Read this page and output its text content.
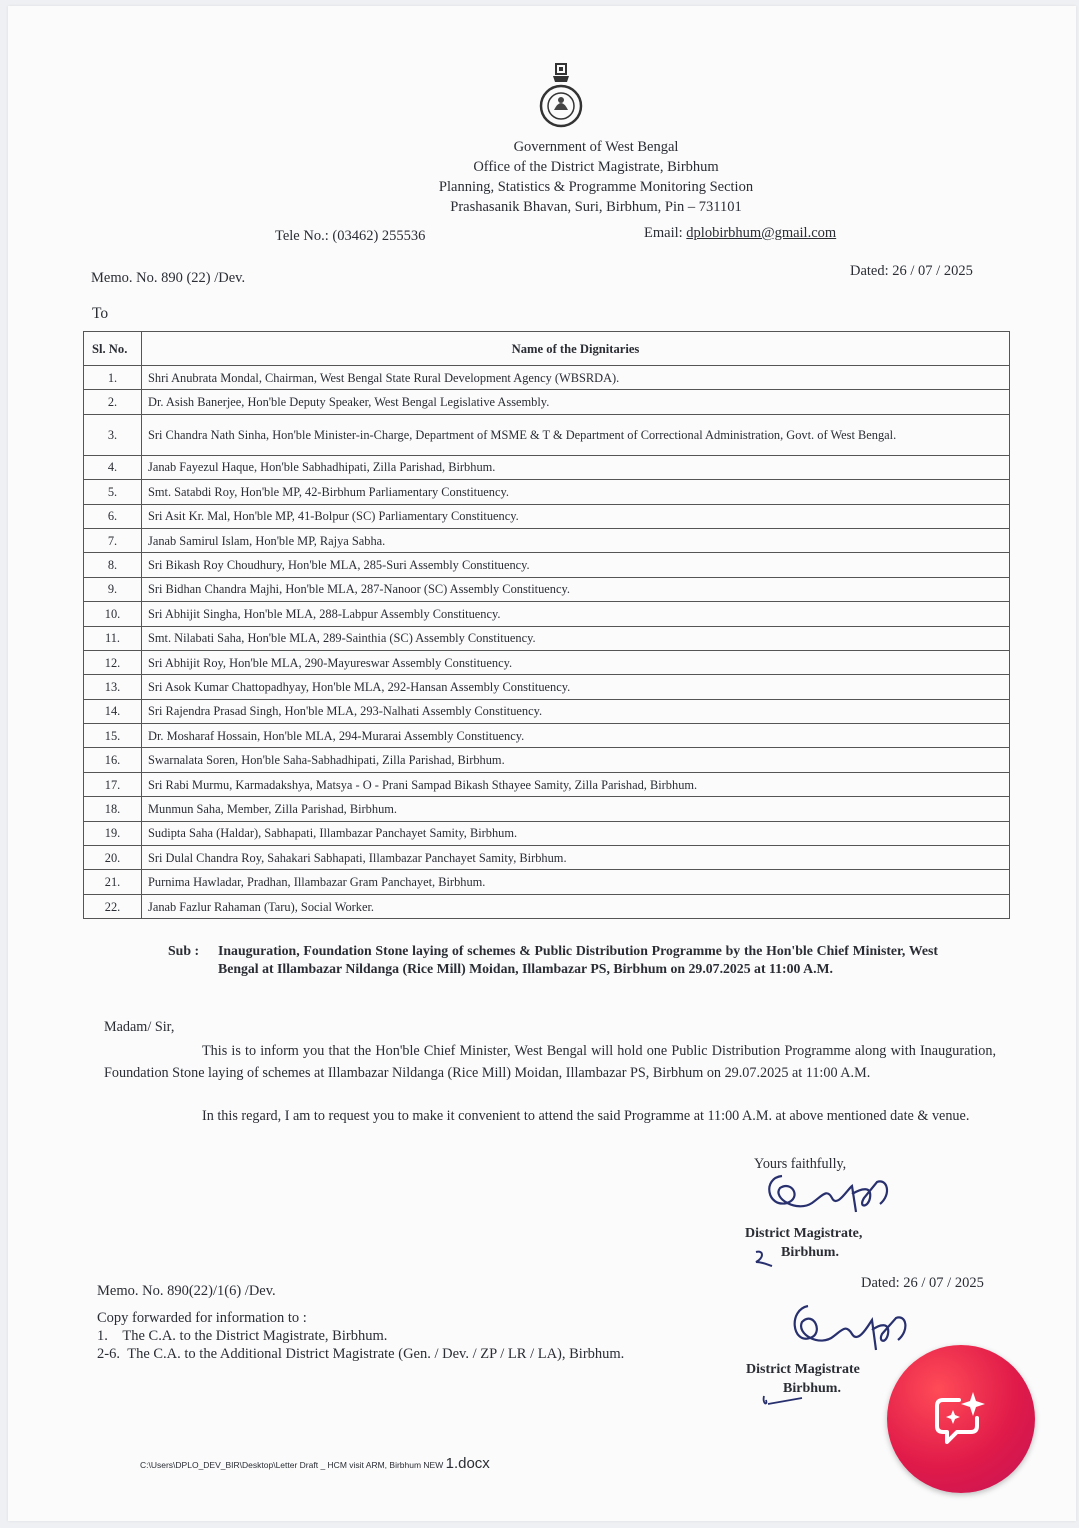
Government of West Bengal
Office of the District Magistrate, Birbhum
Planning, Statistics & Programme Monitoring Section
Prashasanik Bhavan, Suri, Birbhum, Pin – 731101
Tele No.: (03462) 255536	Email: dplobirbhum@gmail.com
Memo. No. 890 (22) /Dev.	Dated: 26 / 07 / 2025
To
Sl. No.	Name of the Dignitaries
1.	Shri Anubrata Mondal, Chairman, West Bengal State Rural Development Agency (WBSRDA).
2.	Dr. Asish Banerjee, Hon'ble Deputy Speaker, West Bengal Legislative Assembly.
3.	Sri Chandra Nath Sinha, Hon'ble Minister-in-Charge, Department of MSME & T & Department of Correctional Administration, Govt. of West Bengal.
4.	Janab Fayezul Haque, Hon'ble Sabhadhipati, Zilla Parishad, Birbhum.
5.	Smt. Satabdi Roy, Hon'ble MP, 42-Birbhum Parliamentary Constituency.
6.	Sri Asit Kr. Mal, Hon'ble MP, 41-Bolpur (SC) Parliamentary Constituency.
7.	Janab Samirul Islam, Hon'ble MP, Rajya Sabha.
8.	Sri Bikash Roy Choudhury, Hon'ble MLA, 285-Suri Assembly Constituency.
9.	Sri Bidhan Chandra Majhi, Hon'ble MLA, 287-Nanoor (SC) Assembly Constituency.
10.	Sri Abhijit Singha, Hon'ble MLA, 288-Labpur Assembly Constituency.
11.	Smt. Nilabati Saha, Hon'ble MLA, 289-Sainthia (SC) Assembly Constituency.
12.	Sri Abhijit Roy, Hon'ble MLA, 290-Mayureswar Assembly Constituency.
13.	Sri Asok Kumar Chattopadhyay, Hon'ble MLA, 292-Hansan Assembly Constituency.
14.	Sri Rajendra Prasad Singh, Hon'ble MLA, 293-Nalhati Assembly Constituency.
15.	Dr. Mosharaf Hossain, Hon'ble MLA, 294-Murarai Assembly Constituency.
16.	Swarnalata Soren, Hon'ble Saha-Sabhadhipati, Zilla Parishad, Birbhum.
17.	Sri Rabi Murmu, Karmadakshya, Matsya - O - Prani Sampad Bikash Sthayee Samity, Zilla Parishad, Birbhum.
18.	Munmun Saha, Member, Zilla Parishad, Birbhum.
19.	Sudipta Saha (Haldar), Sabhapati, Illambazar Panchayet Samity, Birbhum.
20.	Sri Dulal Chandra Roy, Sahakari Sabhapati, Illambazar Panchayet Samity, Birbhum.
21.	Purnima Hawladar, Pradhan, Illambazar Gram Panchayet, Birbhum.
22.	Janab Fazlur Rahaman (Taru), Social Worker.
Sub : Inauguration, Foundation Stone laying of schemes & Public Distribution Programme by the Hon'ble Chief Minister, West Bengal at Illambazar Nildanga (Rice Mill) Moidan, Illambazar PS, Birbhum on 29.07.2025 at 11:00 A.M.
Madam/ Sir,
This is to inform you that the Hon'ble Chief Minister, West Bengal will hold one Public Distribution Programme along with Inauguration, Foundation Stone laying of schemes at Illambazar Nildanga (Rice Mill) Moidan, Illambazar PS, Birbhum on 29.07.2025 at 11:00 A.M.
In this regard, I am to request you to make it convenient to attend the said Programme at 11:00 A.M. at above mentioned date & venue.
Yours faithfully,
District Magistrate,
Birbhum.
Memo. No. 890(22)/1(6) /Dev.	Dated: 26 / 07 / 2025
Copy forwarded for information to :
1. The C.A. to the District Magistrate, Birbhum.
2-6. The C.A. to the Additional District Magistrate (Gen. / Dev. / ZP / LR / LA), Birbhum.
District Magistrate
Birbhum.
C:\Users\DPLO_DEV_BIR\Desktop\Letter Draft _ HCM visit ARM, Birbhum NEW 1.docx
